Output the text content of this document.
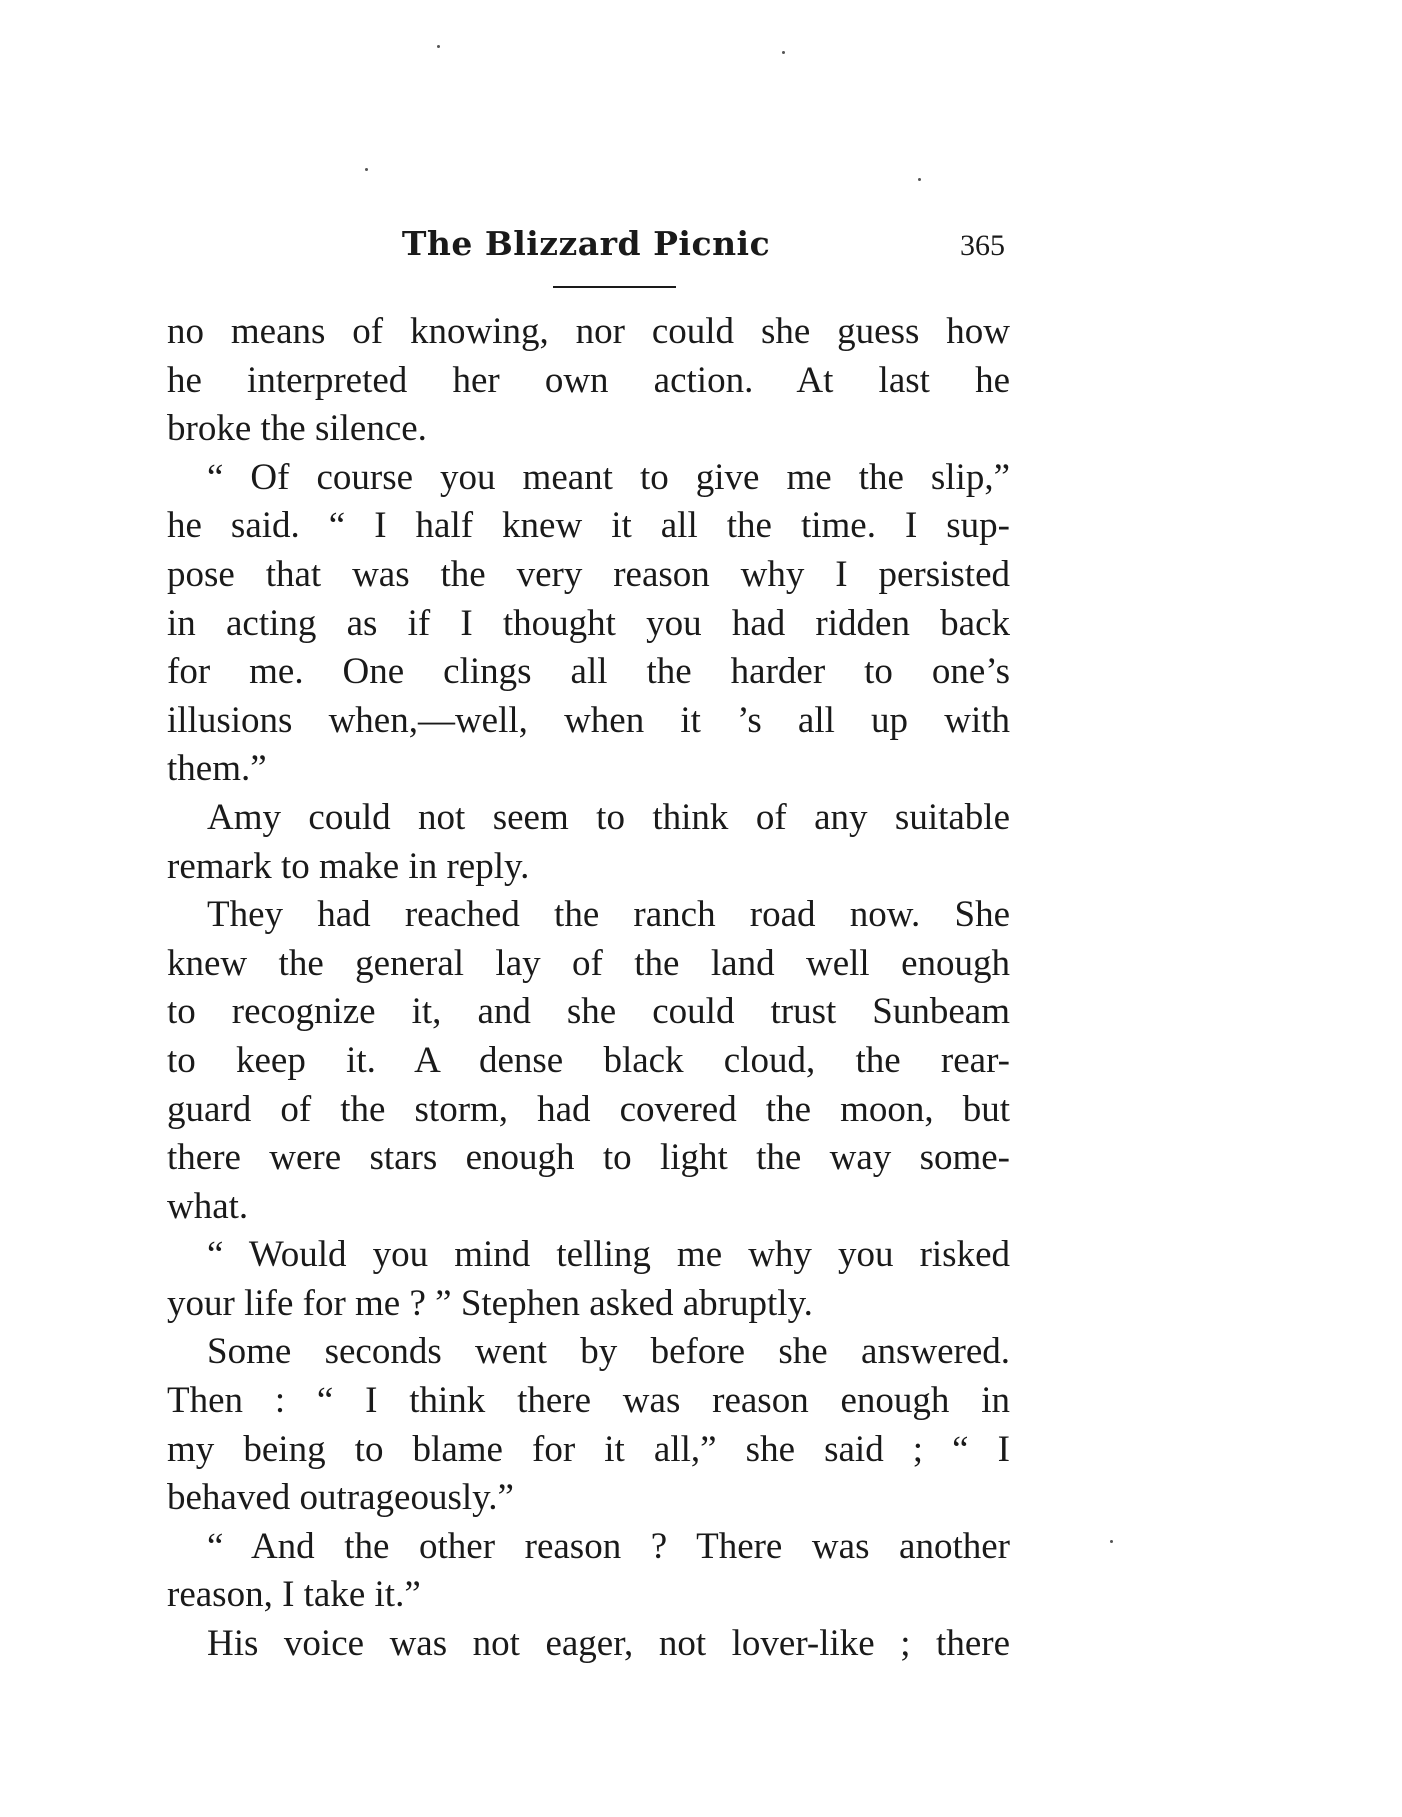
The Blizzard Picnic	365
no means of knowing, nor could she guess how
he interpreted her own action. At last he
broke the silence.
“ Of course you meant to give me the slip,”
he said. “ I half knew it all the time. I sup-
pose that was the very reason why I persisted
in acting as if I thought you had ridden back
for me. One clings all the harder to one’s
illusions when,—well, when it ’s all up with
them.”
Amy could not seem to think of any suitable
remark to make in reply.
They had reached the ranch road now. She
knew the general lay of the land well enough
to recognize it, and she could trust Sunbeam
to keep it. A dense black cloud, the rear-
guard of the storm, had covered the moon, but
there were stars enough to light the way some-
what.
“ Would you mind telling me why you risked
your life for me ? ” Stephen asked abruptly.
Some seconds went by before she answered.
Then : “ I think there was reason enough in
my being to blame for it all,” she said ; “ I
behaved outrageously.”
“ And the other reason ? There was another
reason, I take it.”
His voice was not eager, not lover-like ; there
